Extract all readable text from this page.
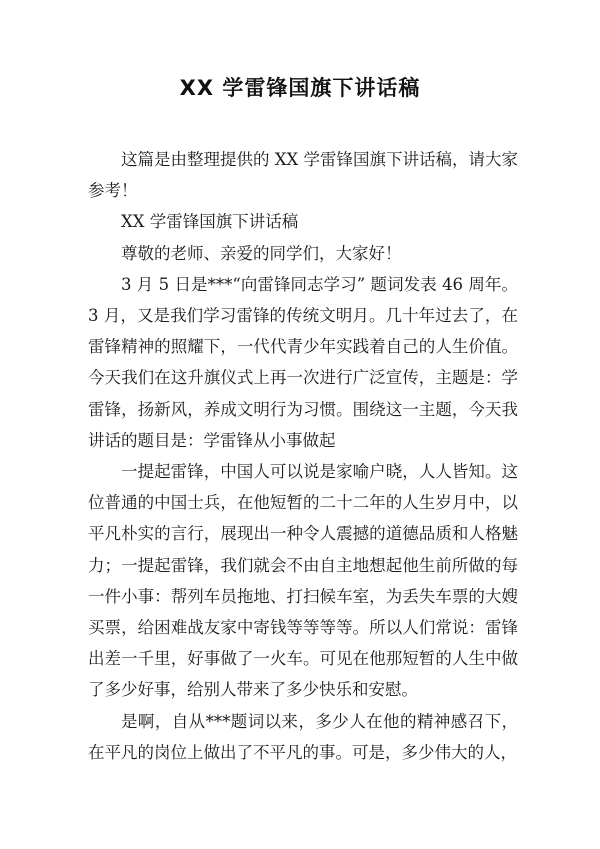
XX 学雷锋国旗下讲话稿

这篇是由整理提供的 XX 学雷锋国旗下讲话稿，请大家参考！

XX 学雷锋国旗下讲话稿

尊敬的老师、亲爱的同学们，大家好！

3 月 5 日是***“向雷锋同志学习” 题词发表 46 周年。3 月，又是我们学习雷锋的传统文明月。几十年过去了，在雷锋精神的照耀下，一代代青少年实践着自己的人生价值。今天我们在这升旗仪式上再一次进行广泛宣传，主题是：学雷锋，扬新风，养成文明行为习惯。围绕这一主题，今天我讲话的题目是：学雷锋从小事做起

一提起雷锋，中国人可以说是家喻户晓，人人皆知。这位普通的中国士兵，在他短暂的二十二年的人生岁月中，以平凡朴实的言行，展现出一种令人震撼的道德品质和人格魅力；一提起雷锋，我们就会不由自主地想起他生前所做的每一件小事：帮列车员拖地、打扫候车室，为丢失车票的大嫂买票，给困难战友家中寄钱等等等等。所以人们常说：雷锋出差一千里，好事做了一火车。可见在他那短暂的人生中做了多少好事，给别人带来了多少快乐和安慰。

是啊，自从***题词以来，多少人在他的精神感召下，在平凡的岗位上做出了不平凡的事。可是，多少伟大的人，
